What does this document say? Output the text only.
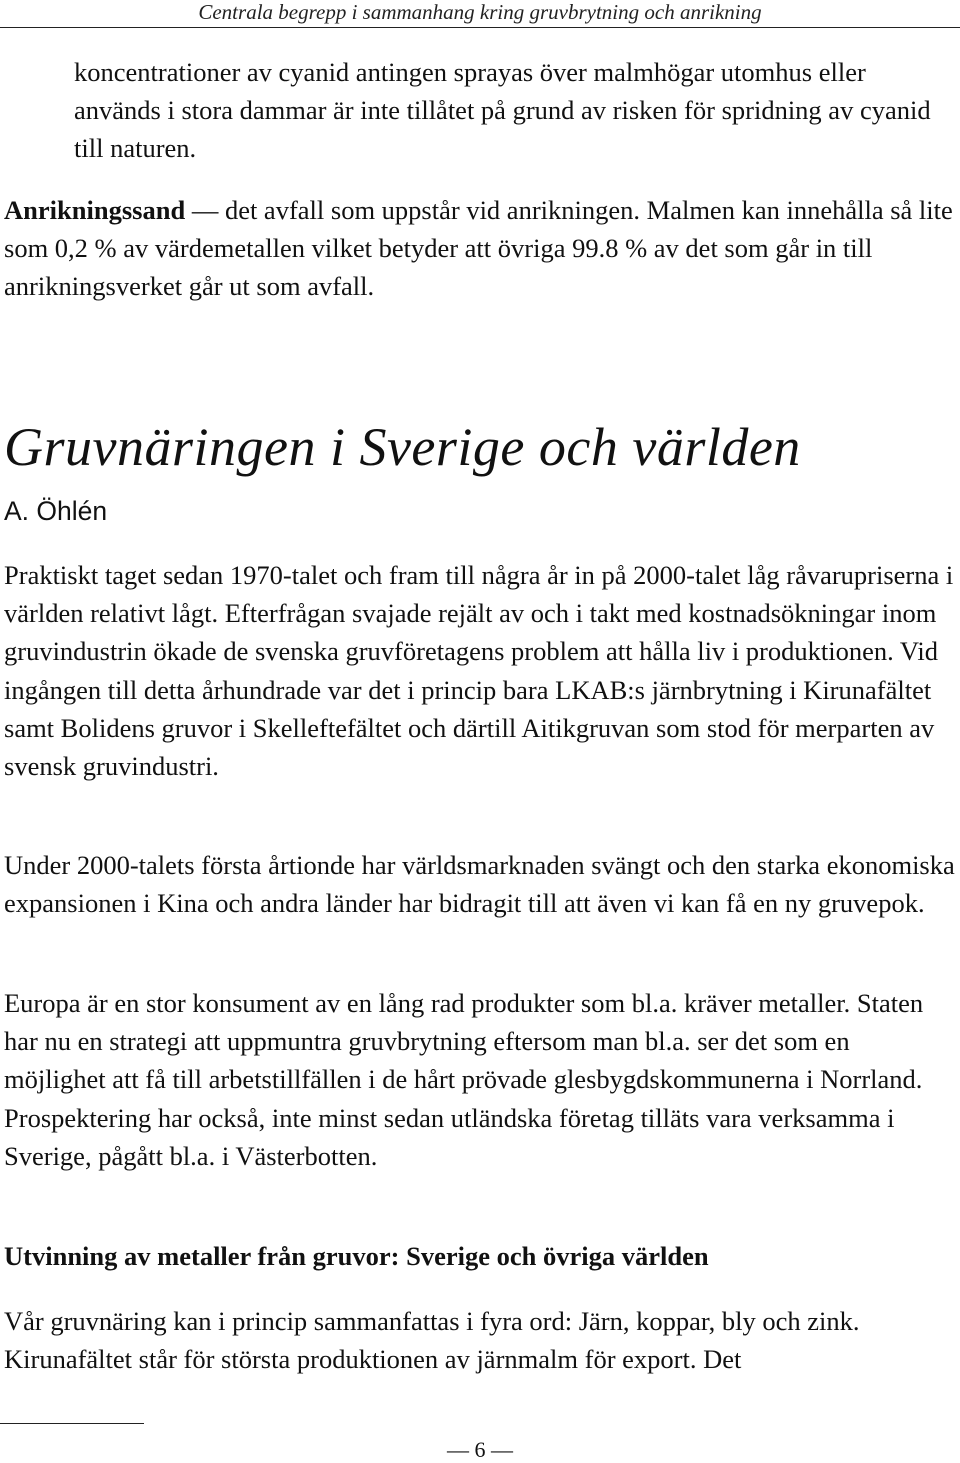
Centrala begrepp i sammanhang kring gruvbrytning och anrikning

koncentrationer av cyanid antingen sprayas över malmhögar utomhus eller används i stora dammar är inte tillåtet på grund av risken för spridning av cyanid till naturen.

Anrikningssand — det avfall som uppstår vid anrikningen. Malmen kan innehålla så lite som 0,2 % av värdemetallen vilket betyder att övriga 99.8 % av det som går in till anrikningsverket går ut som avfall.

Gruvnäringen i Sverige och världen
A. Öhlén

Praktiskt taget sedan 1970-talet och fram till några år in på 2000-talet låg råvarupriserna i världen relativt lågt. Efterfrågan svajade rejält av och i takt med kostnadsökningar inom gruvindustrin ökade de svenska gruvföretagens problem att hålla liv i produktionen. Vid ingången till detta århundrade var det i princip bara LKAB:s järnbrytning i Kirunafältet samt Bolidens gruvor i Skelleftefältet och därtill Aitikgruvan som stod för merparten av svensk gruvindustri.

Under 2000-talets första årtionde har världsmarknaden svängt och den starka ekonomiska expansionen i Kina och andra länder har bidragit till att även vi kan få en ny gruvepok.

Europa är en stor konsument av en lång rad produkter som bl.a. kräver metaller. Staten har nu en strategi att uppmuntra gruvbrytning eftersom man bl.a. ser det som en möjlighet att få till arbetstillfällen i de hårt prövade glesbygdskommunerna i Norrland. Prospektering har också, inte minst sedan utländska företag tilläts vara verksamma i Sverige, pågått bl.a. i Västerbotten.

Utvinning av metaller från gruvor: Sverige och övriga världen

Vår gruvnäring kan i princip sammanfattas i fyra ord: Järn, koppar, bly och zink. Kirunafältet står för största produktionen av järnmalm för export. Det

— 6 —
